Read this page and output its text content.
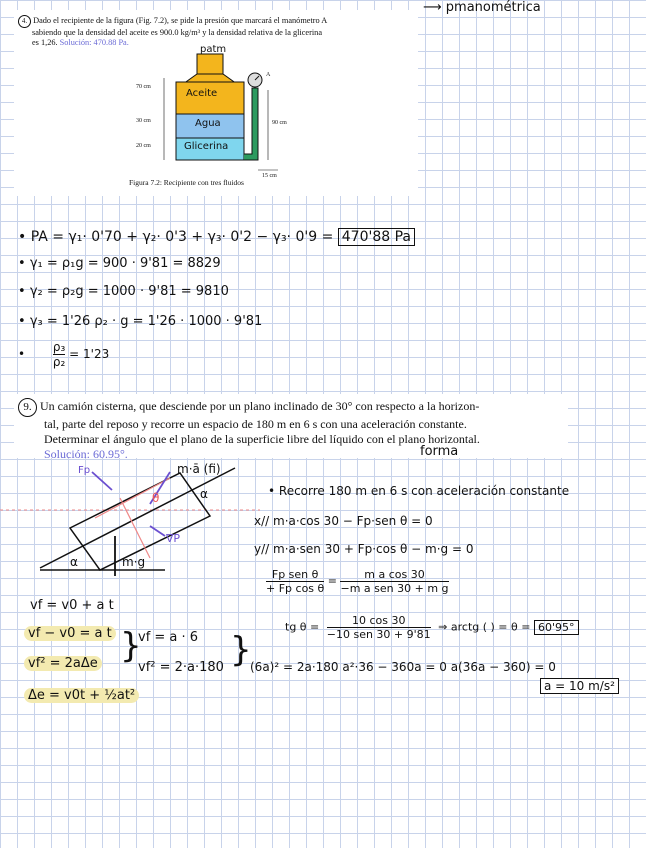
⟶ pmanométrica
4. Dado el recipiente de la figura (Fig. 7.2), se pide la presión que marcará el manómetro A
sabiendo que la densidad del aceite es 900.0 kg/m³ y la densidad relativa de la glicerina
es 1,26. Solución: 470.88 Pa.
patm
Aceite
Agua
Glicerina
70 cm
30 cm
20 cm
90 cm
15 cm
A
Figura 7.2: Recipiente con tres fluidos
• PA = γ₁· 0'70 + γ₂· 0'3 + γ₃· 0'2 − γ₃· 0'9 = 470'88 Pa
• γ₁ = ρ₁g = 900 · 9'81 = 8829
• γ₂ = ρ₂g = 1000 · 9'81 = 9810
• γ₃ = 1'26 ρ₂ · g = 1'26 · 1000 · 9'81
• $\frac{\text{ρ₃}}{\text{ρ₂}} = 1'23$
9. Un camión cisterna, que desciende por un plano inclinado de 30° con respecto a la horizon-
tal, parte del reposo y recorre un espacio de 180 m en 6 s con una aceleración constante.
Determinar el ángulo que el plano de la superficie libre del líquido con el plano horizontal.
Solución: 60.95°.	forma
Fp	m·ā (fi)
∇P
m·g
θ	α
α
• Recorre 180 m en 6 s con aceleración constante
x// m·a·cos 30 − Fp·sen θ = 0
y// m·a·sen 30 + Fp·cos θ − m·g = 0
Fp sen θ
+ Fp cos θ
=	m a cos 30
−m a sen 30 + m g
tg θ =	10 cos 30
−10 sen 30 + 9'81
⇒ arctg ( ) = θ = 60'95°
vf = v0 + a t
vf − v0 = a t
vf² = 2aΔe
Δe = v0t + ½at²
}
vf = a · 6
vf² = 2·a·180 }
(6a)² = 2a·180 a²·36 − 360a = 0 a(36a − 360) = 0
a = 10 m/s²
